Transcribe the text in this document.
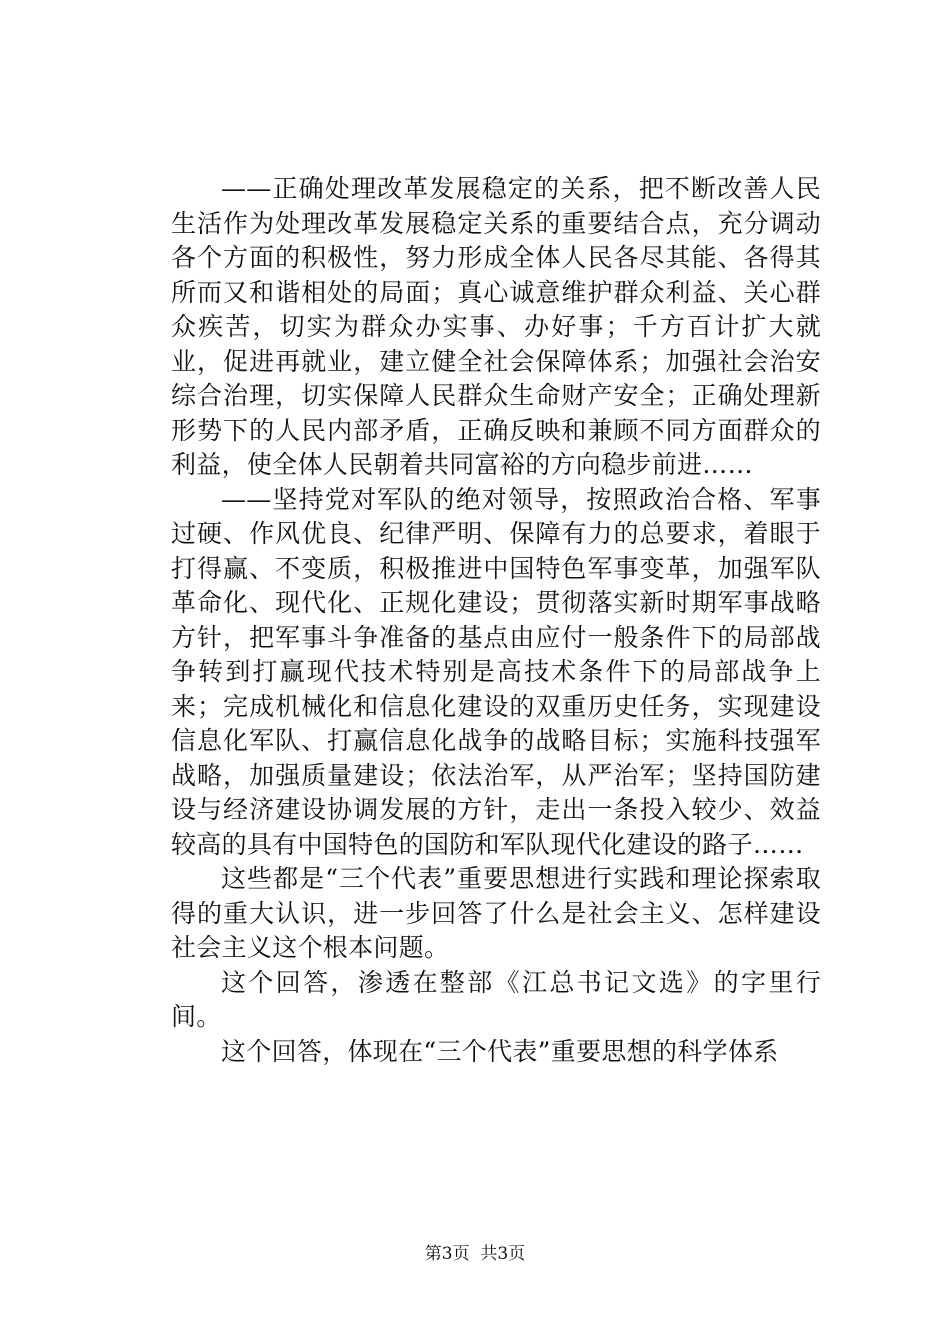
——正确处理改革发展稳定的关系，把不断改善人民生活作为处理改革发展稳定关系的重要结合点，充分调动各个方面的积极性，努力形成全体人民各尽其能、各得其所而又和谐相处的局面；真心诚意维护群众利益、关心群众疾苦，切实为群众办实事、办好事；千方百计扩大就业，促进再就业，建立健全社会保障体系；加强社会治安综合治理，切实保障人民群众生命财产安全；正确处理新形势下的人民内部矛盾，正确反映和兼顾不同方面群众的利益，使全体人民朝着共同富裕的方向稳步前进……

——坚持党对军队的绝对领导，按照政治合格、军事过硬、作风优良、纪律严明、保障有力的总要求，着眼于打得赢、不变质，积极推进中国特色军事变革，加强军队革命化、现代化、正规化建设；贯彻落实新时期军事战略方针，把军事斗争准备的基点由应付一般条件下的局部战争转到打赢现代技术特别是高技术条件下的局部战争上来；完成机械化和信息化建设的双重历史任务，实现建设信息化军队、打赢信息化战争的战略目标；实施科技强军战略，加强质量建设；依法治军，从严治军；坚持国防建设与经济建设协调发展的方针，走出一条投入较少、效益较高的具有中国特色的国防和军队现代化建设的路子……

这些都是“三个代表”重要思想进行实践和理论探索取得的重大认识，进一步回答了什么是社会主义、怎样建设社会主义这个根本问题。

这个回答，渗透在整部《江总书记文选》的字里行间。

这个回答，体现在“三个代表”重要思想的科学体系

第3页  共3页
